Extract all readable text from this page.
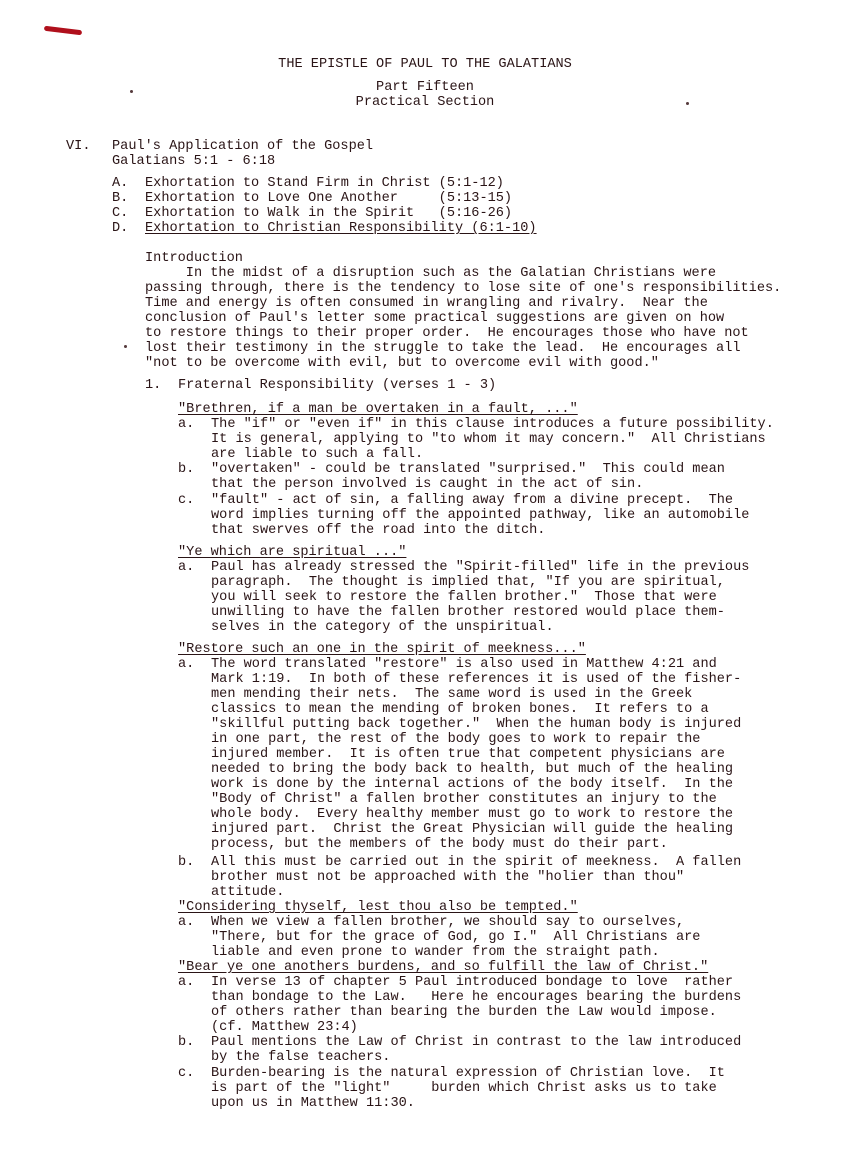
THE EPISTLE OF PAUL TO THE GALATIANS
Part Fifteen
Practical Section
VI. Paul's Application of the Gospel
Galatians 5:1 - 6:18
A. Exhortation to Stand Firm in Christ (5:1-12)
B. Exhortation to Love One Another     (5:13-15)
C. Exhortation to Walk in the Spirit   (5:16-26)
D. Exhortation to Christian Responsibility (6:1-10)
Introduction
In the midst of a disruption such as the Galatian Christians were
passing through, there is the tendency to lose site of one's responsibilities.
Time and energy is often consumed in wrangling and rivalry.  Near the
conclusion of Paul's letter some practical suggestions are given on how
to restore things to their proper order.  He encourages those who have not
lost their testimony in the struggle to take the lead.  He encourages all
"not to be overcome with evil, but to overcome evil with good."
1. Fraternal Responsibility (verses 1 - 3)
"Brethren, if a man be overtaken in a fault, ..."
a. The "if" or "even if" in this clause introduces a future possibility.
It is general, applying to "to whom it may concern."  All Christians
are liable to such a fall.
b. "overtaken" - could be translated "surprised."  This could mean
that the person involved is caught in the act of sin.
c. "fault" - act of sin, a falling away from a divine precept.  The
word implies turning off the appointed pathway, like an automobile
that swerves off the road into the ditch.
"Ye which are spiritual ..."
a. Paul has already stressed the "Spirit-filled" life in the previous
paragraph.  The thought is implied that, "If you are spiritual,
you will seek to restore the fallen brother."  Those that were
unwilling to have the fallen brother restored would place them-
selves in the category of the unspiritual.
"Restore such an one in the spirit of meekness..."
a. The word translated "restore" is also used in Matthew 4:21 and
Mark 1:19.  In both of these references it is used of the fisher-
men mending their nets.  The same word is used in the Greek
classics to mean the mending of broken bones.  It refers to a
"skillful putting back together."  When the human body is injured
in one part, the rest of the body goes to work to repair the
injured member.  It is often true that competent physicians are
needed to bring the body back to health, but much of the healing
work is done by the internal actions of the body itself.  In the
"Body of Christ" a fallen brother constitutes an injury to the
whole body.  Every healthy member must go to work to restore the
injured part.  Christ the Great Physician will guide the healing
process, but the members of the body must do their part.
b. All this must be carried out in the spirit of meekness.  A fallen
brother must not be approached with the "holier than thou"
attitude.
"Considering thyself, lest thou also be tempted."
a. When we view a fallen brother, we should say to ourselves,
"There, but for the grace of God, go I."  All Christians are
liable and even prone to wander from the straight path.
"Bear ye one anothers burdens, and so fulfill the law of Christ."
a. In verse 13 of chapter 5 Paul introduced bondage to love  rather
than bondage to the Law.   Here he encourages bearing the burdens
of others rather than bearing the burden the Law would impose.
(cf. Matthew 23:4)
b. Paul mentions the Law of Christ in contrast to the law introduced
by the false teachers.
c. Burden-bearing is the natural expression of Christian love.  It
is part of the "light"     burden which Christ asks us to take
upon us in Matthew 11:30.
